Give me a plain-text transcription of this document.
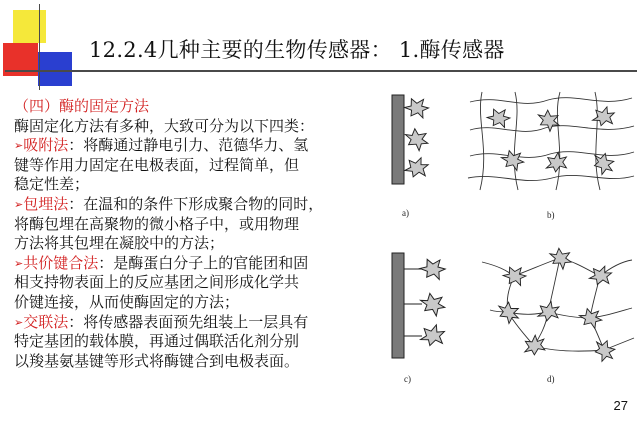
12.2.4几种主要的生物传感器： 1.酶传感器

（四）酶的固定方法

酶固定化方法有多种，大致可分为以下四类：

➢吸附法：将酶通过静电引力、范德华力、氢

键等作用力固定在电极表面，过程简单，但

稳定性差；

➢包埋法：在温和的条件下形成聚合物的同时，

将酶包埋在高聚物的微小格子中，或用物理

方法将其包埋在凝胶中的方法；

➢共价键合法：是酶蛋白分子上的官能团和固

相支持物表面上的反应基团之间形成化学共

价键连接，从而使酶固定的方法；

➢交联法：将传感器表面预先组装上一层具有

特定基团的载体膜，再通过偶联活化剂分别

以羧基氨基键等形式将酶键合到电极表面。

a)	b)
c)	d)
27
